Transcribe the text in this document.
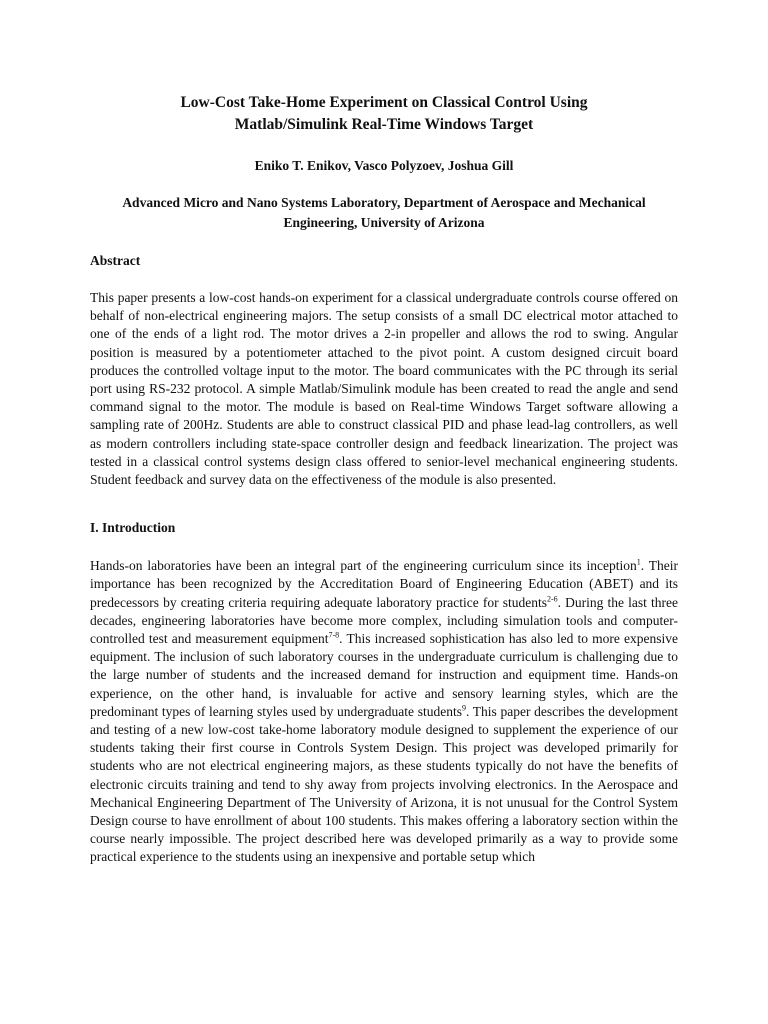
Low-Cost Take-Home Experiment on Classical Control Using
Matlab/Simulink Real-Time Windows Target

Eniko T. Enikov, Vasco Polyzoev, Joshua Gill

Advanced Micro and Nano Systems Laboratory, Department of Aerospace and Mechanical
Engineering, University of Arizona

Abstract

This paper presents a low-cost hands-on experiment for a classical undergraduate controls course offered on behalf of non-electrical engineering majors. The setup consists of a small DC electrical motor attached to one of the ends of a light rod. The motor drives a 2-in propeller and allows the rod to swing. Angular position is measured by a potentiometer attached to the pivot point. A custom designed circuit board produces the controlled voltage input to the motor. The board communicates with the PC through its serial port using RS-232 protocol. A simple Matlab/Simulink module has been created to read the angle and send command signal to the motor. The module is based on Real-time Windows Target software allowing a sampling rate of 200Hz. Students are able to construct classical PID and phase lead-lag controllers, as well as modern controllers including state-space controller design and feedback linearization. The project was tested in a classical control systems design class offered to senior-level mechanical engineering students. Student feedback and survey data on the effectiveness of the module is also presented.

I. Introduction

Hands-on laboratories have been an integral part of the engineering curriculum since its inception$^1$. Their importance has been recognized by the Accreditation Board of Engineering Education (ABET) and its predecessors by creating criteria requiring adequate laboratory practice for students$^{2-6}$. During the last three decades, engineering laboratories have become more complex, including simulation tools and computer-controlled test and measurement equipment$^{7-8}$. This increased sophistication has also led to more expensive equipment. The inclusion of such laboratory courses in the undergraduate curriculum is challenging due to the large number of students and the increased demand for instruction and equipment time. Hands-on experience, on the other hand, is invaluable for active and sensory learning styles, which are the predominant types of learning styles used by undergraduate students$^9$. This paper describes the development and testing of a new low-cost take-home laboratory module designed to supplement the experience of our students taking their first course in Controls System Design. This project was developed primarily for students who are not electrical engineering majors, as these students typically do not have the benefits of electronic circuits training and tend to shy away from projects involving electronics. In the Aerospace and Mechanical Engineering Department of The University of Arizona, it is not unusual for the Control System Design course to have enrollment of about 100 students. This makes offering a laboratory section within the course nearly impossible. The project described here was developed primarily as a way to provide some practical experience to the students using an inexpensive and portable setup which
